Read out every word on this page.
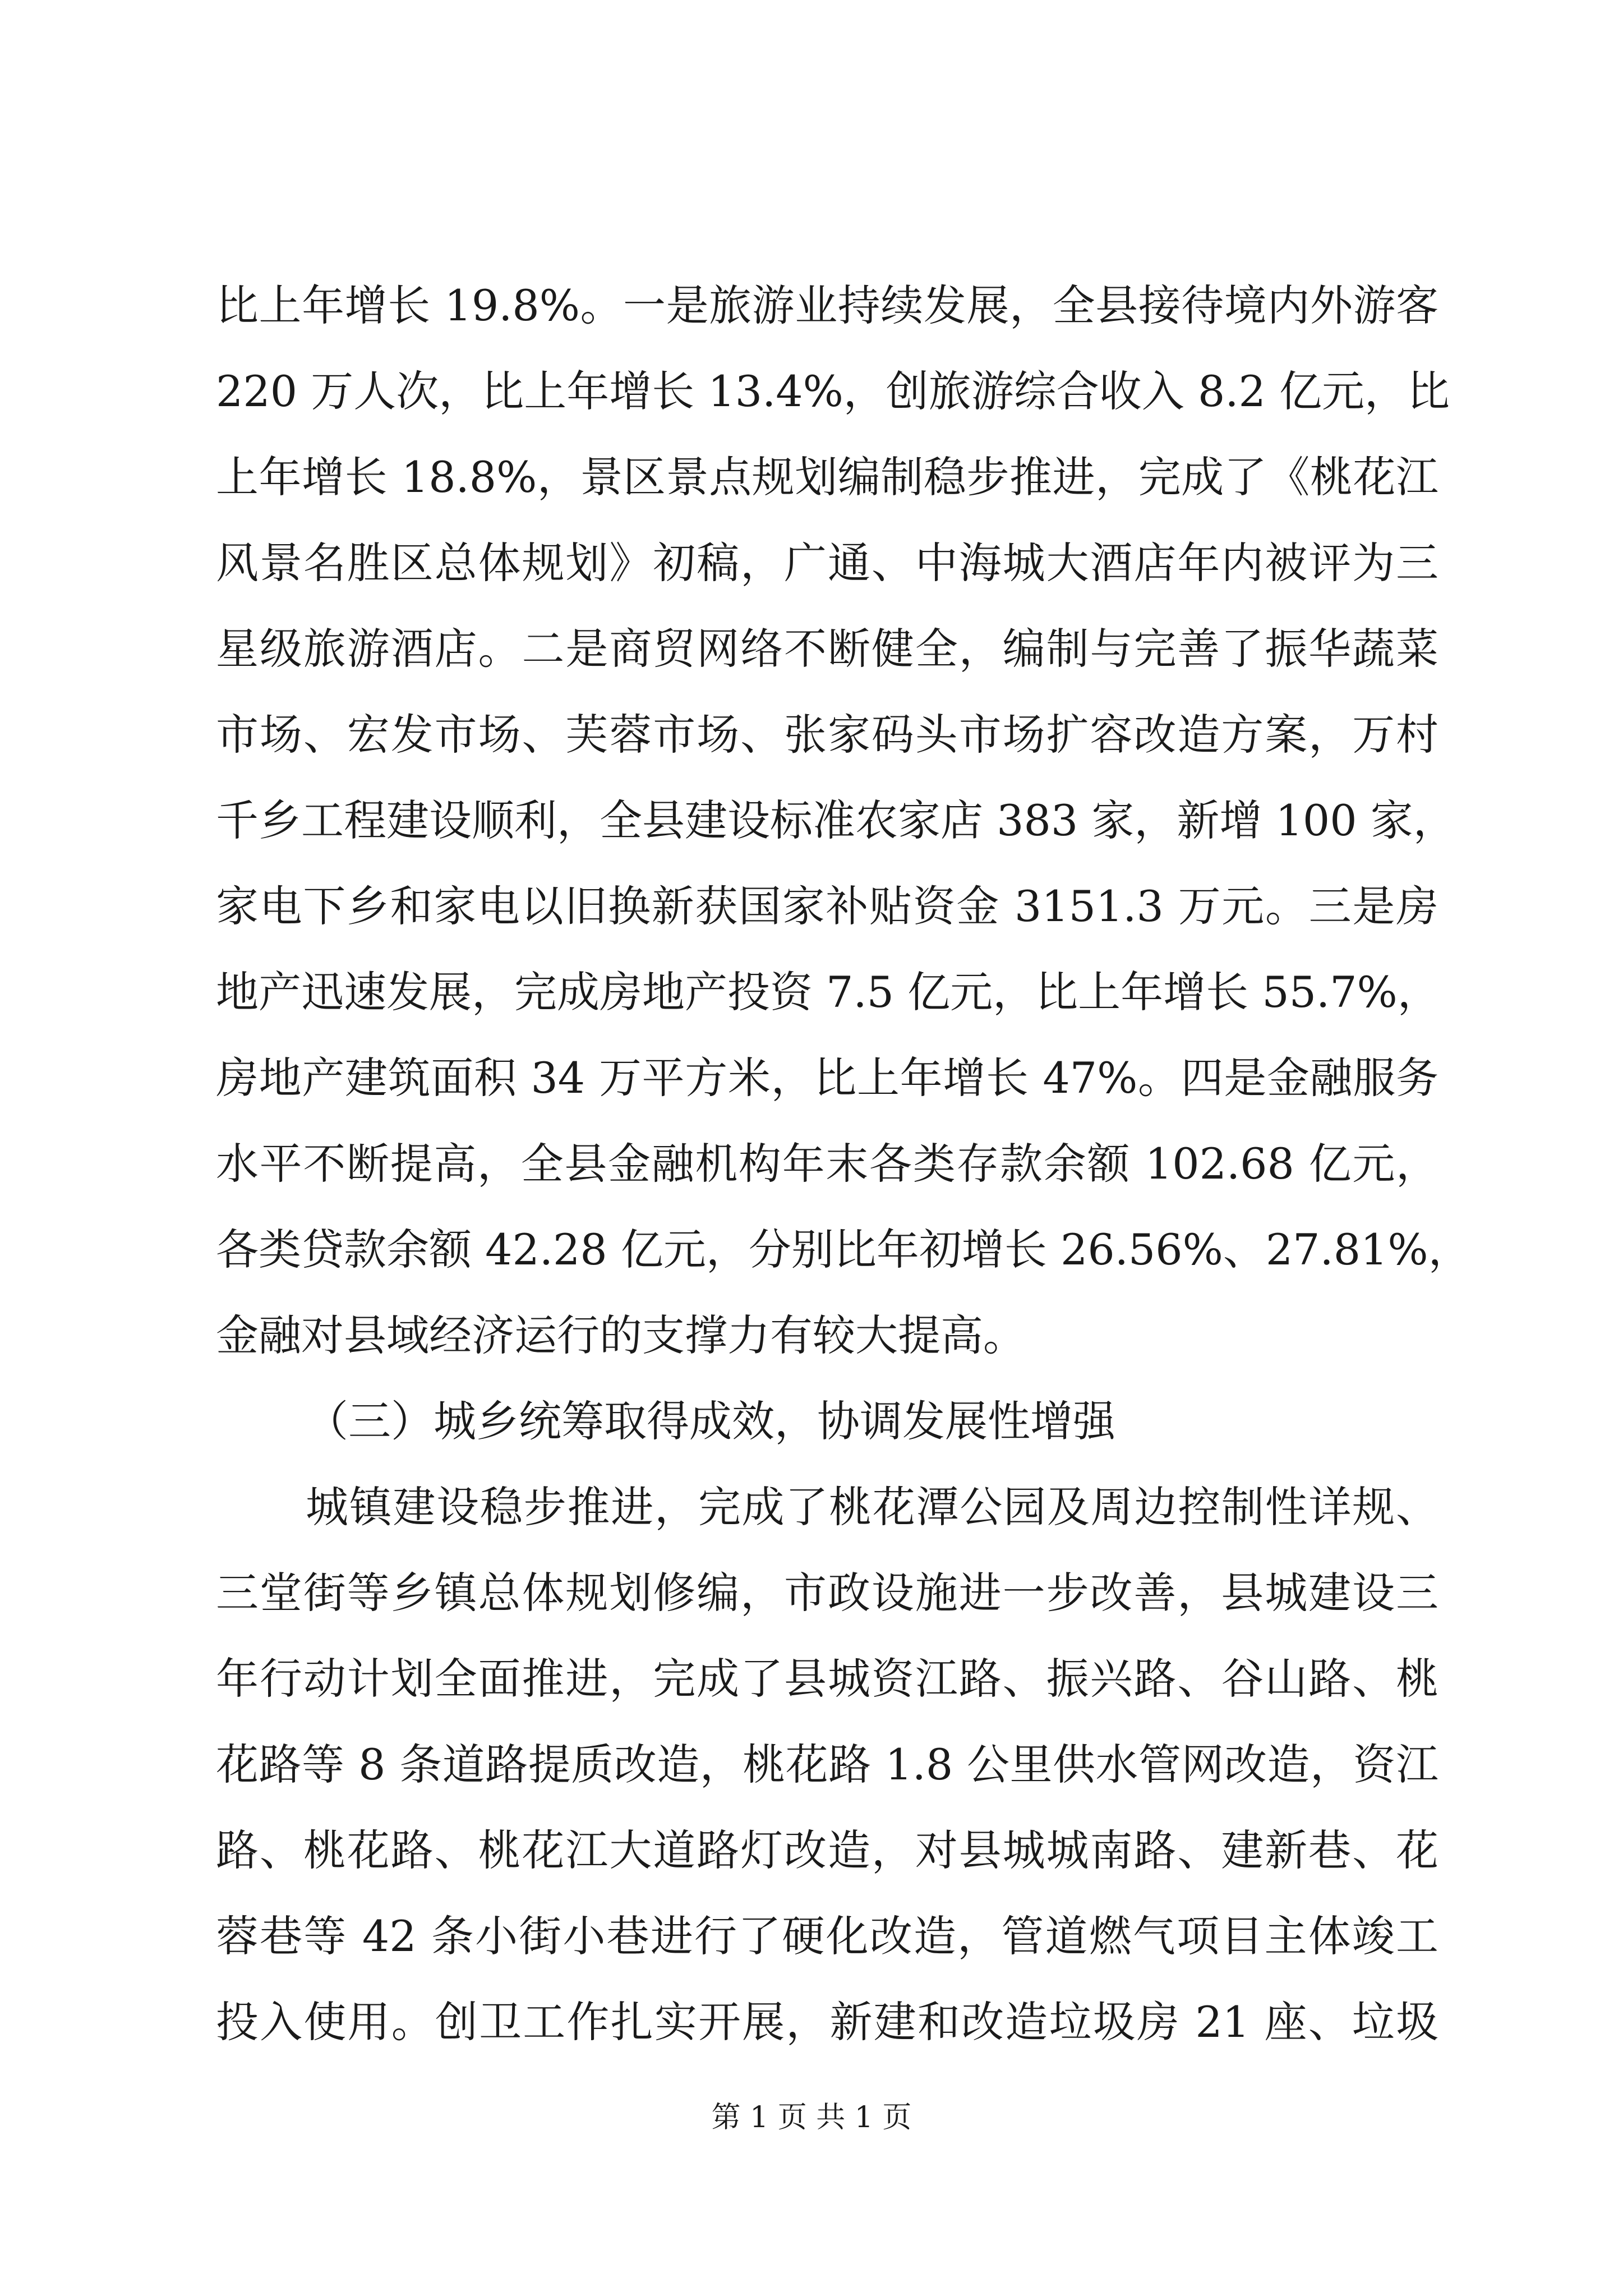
比上年增长 19.8%。一是旅游业持续发展，全县接待境内外游客
220 万人次，比上年增长 13.4%，创旅游综合收入 8.2 亿元，比
上年增长 18.8%，景区景点规划编制稳步推进，完成了《桃花江
风景名胜区总体规划》初稿，广通、中海城大酒店年内被评为三
星级旅游酒店。二是商贸网络不断健全，编制与完善了振华蔬菜
市场、宏发市场、芙蓉市场、张家码头市场扩容改造方案，万村
千乡工程建设顺利，全县建设标准农家店 383 家，新增 100 家，
家电下乡和家电以旧换新获国家补贴资金 3151.3 万元。三是房
地产迅速发展，完成房地产投资 7.5 亿元，比上年增长 55.7%，
房地产建筑面积 34 万平方米，比上年增长 47%。四是金融服务
水平不断提高，全县金融机构年末各类存款余额 102.68 亿元，
各类贷款余额 42.28 亿元，分别比年初增长 26.56%、27.81%，
金融对县域经济运行的支撑力有较大提高。
（三）城乡统筹取得成效，协调发展性增强
城镇建设稳步推进，完成了桃花潭公园及周边控制性详规、
三堂街等乡镇总体规划修编，市政设施进一步改善，县城建设三
年行动计划全面推进，完成了县城资江路、振兴路、谷山路、桃
花路等 8 条道路提质改造，桃花路 1.8 公里供水管网改造，资江
路、桃花路、桃花江大道路灯改造，对县城城南路、建新巷、花
蓉巷等 42 条小街小巷进行了硬化改造，管道燃气项目主体竣工
投入使用。创卫工作扎实开展，新建和改造垃圾房 21 座、垃圾
第 1 页 共 1 页
